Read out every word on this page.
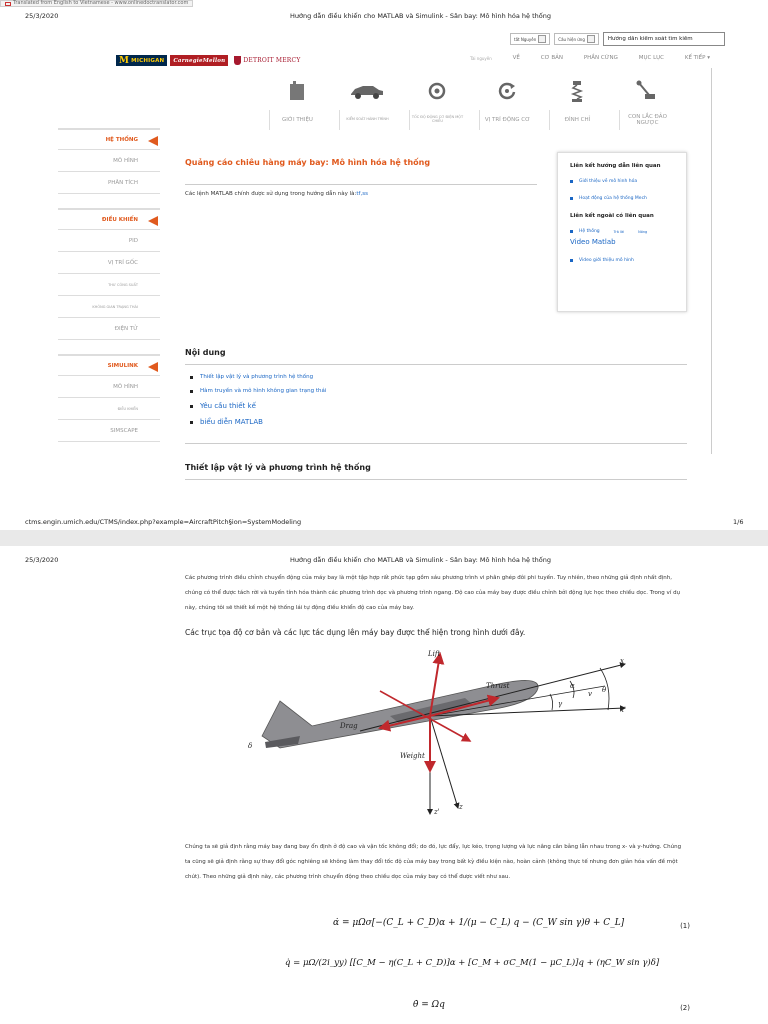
Translated from English to Vietnamese - www.onlinedoctranslator.com
25/3/2020	Hướng dẫn điều khiển cho MATLAB và Simulink - Sân bay: Mô hình hóa hệ thống
tất Nguyên	Câu hiện ứng
Hướng dẫn kiểm soát tìm kiếm
M MICHIGAN	CarnegieMellon	DETROIT MERCY	Tài nguyên	VỀ	CƠ BẢN	PHẦN CỨNG	MỤC LỤC	KẾ TIẾP ▾
GIỚI THIỆU	KIỂM SOÁT HÀNH TRÌNH	TỐC ĐỘ ĐỘNG CƠ ĐIỆN MỘT CHIỀU	VỊ TRÍ ĐỘNG CƠ	ĐÌNH CHỈ
CON LẮC ĐẢO NGƯỢC
HỆ THỐNG
MÔ HÌNH
PHÂN TÍCH
ĐIỀU KHIỂN
PID
VỊ TRÍ GỐC
THƯ CÔNG SUẤT
KHÔNG GIAN TRẠNG THÁI
ĐIỆN TỬ
SIMULINK
MÔ HÌNH
ĐIỀU KHIỂN
SIMSCAPE
Quảng cáo chiêu hàng máy bay: Mô hình hóa hệ thống
Các lệnh MATLAB chính được sử dụng trong hướng dẫn này là:tf,ss
Liên kết hướng dẫn liên quan
Giới thiệu về mô hình hóa
Hoạt động của hệ thống Mech
Liên kết ngoài có liên quan
Hệ thống	Trả lời	Nóng
Video Matlab
Video giới thiệu mô hình
Nội dung
Thiết lập vật lý và phương trình hệ thống
Hàm truyền và mô hình không gian trạng thái
Yêu cầu thiết kế
biểu diễn MATLAB
Thiết lập vật lý và phương trình hệ thống
ctms.engin.umich.edu/CTMS/index.php?example=AircraftPitch§ion=SystemModeling	1/6
25/3/2020	Hướng dẫn điều khiển cho MATLAB và Simulink - Sân bay: Mô hình hóa hệ thống
Các phương trình điều chỉnh chuyển động của máy bay là một tập hợp rất phức tạp gồm sáu phương trình vi phân ghép đôi phi tuyến. Tuy nhiên, theo những giả định nhất định, chúng có thể được tách rời và tuyến tính hóa thành các phương trình dọc và phương trình ngang. Độ cao của máy bay được điều chỉnh bởi động lực học theo chiều dọc. Trong ví dụ này, chúng tôi sẽ thiết kế một hệ thống lái tự động điều khiển độ cao của máy bay.
Các trục tọa độ cơ bản và các lực tác dụng lên máy bay được thể hiện trong hình dưới đây.
Lift
Thrust
Drag
Weight
x
x'
z
z'
α	θ
γ
v
δ
Chúng ta sẽ giả định rằng máy bay đang bay ổn định ở độ cao và vận tốc không đổi; do đó, lực đẩy, lực kéo, trọng lượng và lực nâng cân bằng lẫn nhau trong x- và y-hướng. Chúng ta cũng sẽ giả định rằng sự thay đổi góc nghiêng sẽ không làm thay đổi tốc độ của máy bay trong bất kỳ điều kiện nào, hoàn cảnh (không thực tế nhưng đơn giản hóa vấn đề một chút). Theo những giả định này, các phương trình chuyển động theo chiều dọc của máy bay có thể được viết như sau.
α̇ = μΩσ[−(C_L + C_D)α + 1/(μ − C_L) q − (C_W sin γ)θ + C_L]	(1)
q̇ = μΩ/(2i_yy) [[C_M − η(C_L + C_D)]α + [C_M + σC_M(1 − μC_L)]q + (ηC_W sin γ)δ]
θ̇ = Ωq	(2)
